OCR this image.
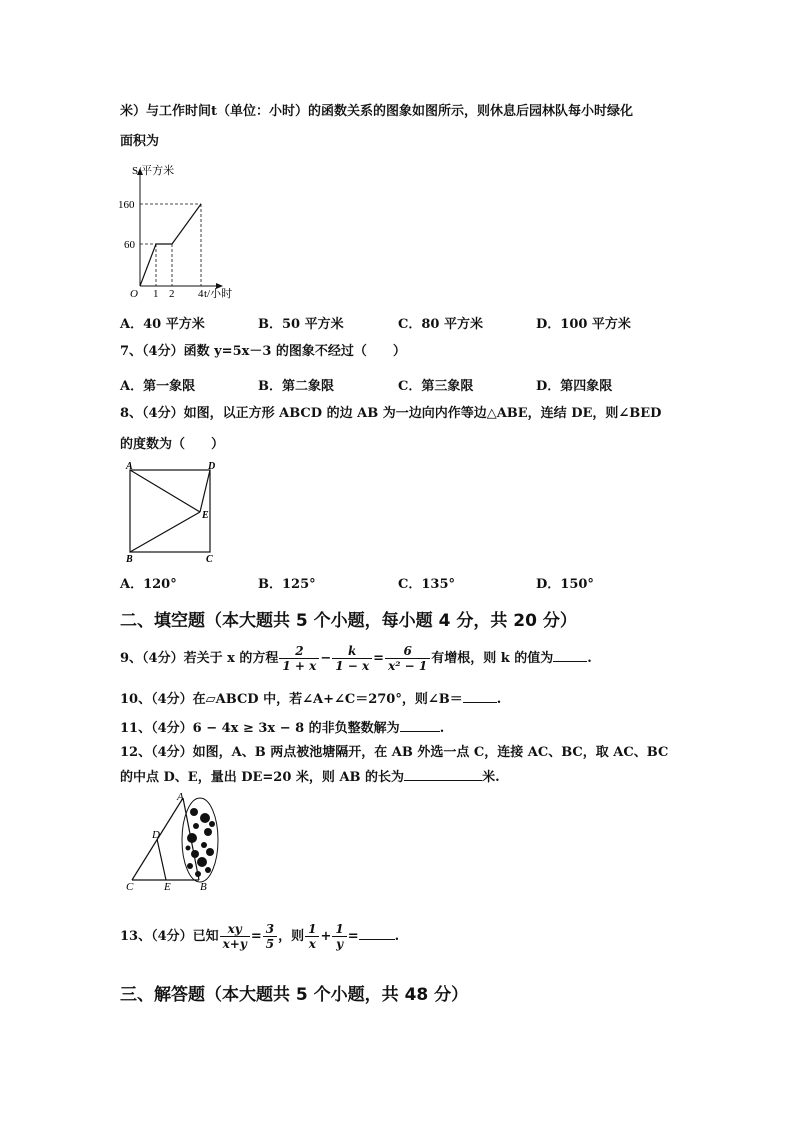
米）与工作时间t（单位：小时）的函数关系的图象如图所示，则休息后园林队每小时绿化
面积为
S/平方米
160
60
O 1 2 4 t/小时
A．40 平方米	B．50 平方米	C．80 平方米	D．100 平方米
7、（4分）函数 y=5x－3 的图象不经过（　　）
A．第一象限	B．第二象限	C．第三象限	D．第四象限
8、（4分）如图，以正方形 ABCD 的边 AB 为一边向内作等边△ABE，连结 DE，则∠BED
的度数为（　　）
A	D
E
B	C
A．120°	B．125°	C．135°	D．150°
二、填空题（本大题共 5 个小题，每小题 4 分，共 20 分）
9、（4分）若关于 x 的方程 $\frac{2}{1 + x} - \frac{k}{1 - x} = \frac{6}{\text{x² − 1}}$ 有增根，则 k 的值为	.
10、（4分）在▱ABCD 中，若∠A+∠C＝270°，则∠B＝	.
11、（4分）6 − 4x ≥ 3x − 8 的非负整数解为	.
12、（4分）如图，A、B 两点被池塘隔开，在 AB 外选一点 C，连接 AC、BC，取 AC、BC
的中点 D、E，量出 DE=20 米，则 AB 的长为	米.
A
D
C	E	B
13、（4分）已知 $\frac{xy}{x+y} = \frac{3}{5}$ ，则 $\frac{1}{x} + \frac{1}{y}$ =	.
三、解答题（本大题共 5 个小题，共 48 分）
